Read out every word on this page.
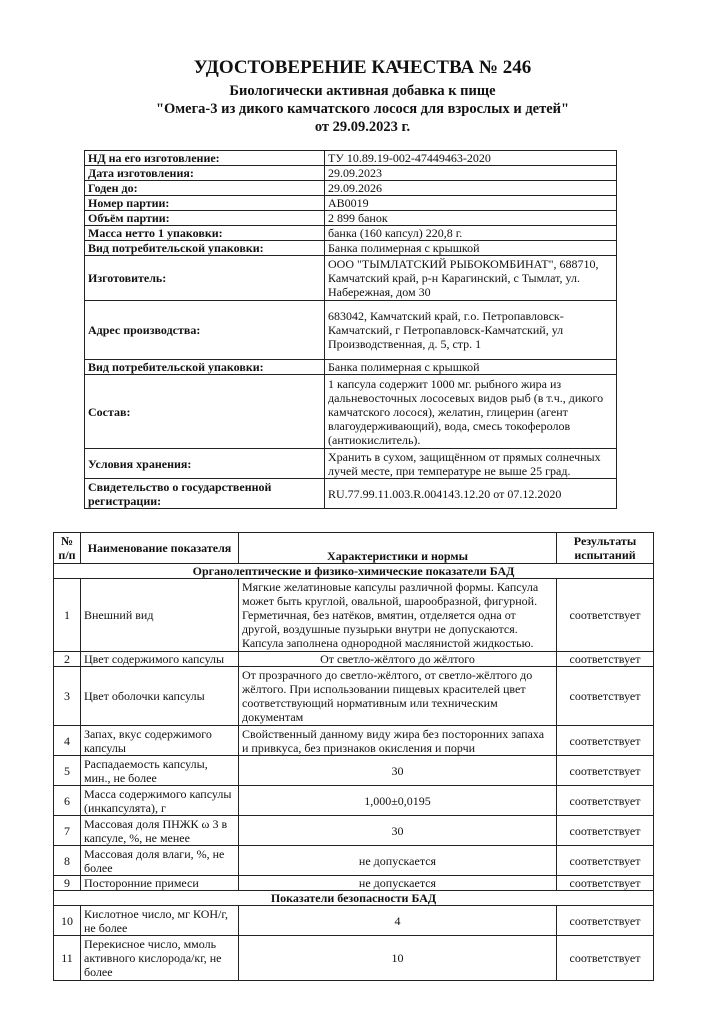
УДОСТОВЕРЕНИЕ КАЧЕСТВА № 246
Биологически активная добавка к пище
"Омега-3 из дикого камчатского лосося для взрослых и детей"
от 29.09.2023 г.
НД на его изготовление:	ТУ 10.89.19-002-47449463-2020
Дата изготовления:	29.09.2023
Годен до:	29.09.2026
Номер партии:	АВ0019
Объём партии:	2 899 банок
Масса нетто 1 упаковки:	банка (160 капсул) 220,8 г.
Вид потребительской упаковки:	Банка полимерная с крышкой
Изготовитель:	ООО "ТЫМЛАТСКИЙ РЫБОКОМБИНАТ", 688710, Камчатский край, р-н Карагинский, с Тымлат, ул. Набережная, дом 30
Адрес производства:	683042, Камчатский край, г.о. Петропавловск-Камчатский, г Петропавловск-Камчатский, ул Производственная, д. 5, стр. 1
Вид потребительской упаковки:	Банка полимерная с крышкой
Состав:	1 капсула содержит 1000 мг. рыбного жира из дальневосточных лососевых видов рыб (в т.ч., дикого камчатского лосося), желатин, глицерин (агент влагоудерживающий), вода, смесь токоферолов (антиокислитель).
Условия хранения:	Хранить в сухом, защищённом от прямых солнечных лучей месте, при температуре не выше 25 град.
Свидетельство о государственной регистрации:	RU.77.99.11.003.R.004143.12.20 от 07.12.2020
№ п/п	Наименование показателя	Характеристики и нормы	Результаты испытаний
Органолептические и физико-химические показатели БАД			
1	Внешний вид	Мягкие желатиновые капсулы различной формы. Капсула может быть круглой, овальной, шарообразной, фигурной. Герметичная, без натёков, вмятин, отделяется одна от другой, воздушные пузырьки внутри не допускаются. Капсула заполнена однородной маслянистой жидкостью.	соответствует
2	Цвет содержимого капсулы	От светло-жёлтого до жёлтого	соответствует
3	Цвет оболочки капсулы	От прозрачного до светло-жёлтого, от светло-жёлтого до жёлтого. При использовании пищевых красителей цвет соответствующий нормативным или техническим документам	соответствует
4	Запах, вкус содержимого капсулы	Свойственный данному виду жира без посторонних запаха и привкуса, без признаков окисления и порчи	соответствует
5	Распадаемость капсулы, мин., не более	30	соответствует
6	Масса содержимого капсулы (инкапсулята), г	1,000±0,0195	соответствует
7	Массовая доля ПНЖК ω 3 в капсуле, %, не менее	30	соответствует
8	Массовая доля влаги, %, не более	не допускается	соответствует
9	Посторонние примеси	не допускается	соответствует
Показатели безопасности БАД			
10	Кислотное число, мг КОН/г, не более	4	соответствует
11	Перекисное число, ммоль активного кислорода/кг, не более	10	соответствует
